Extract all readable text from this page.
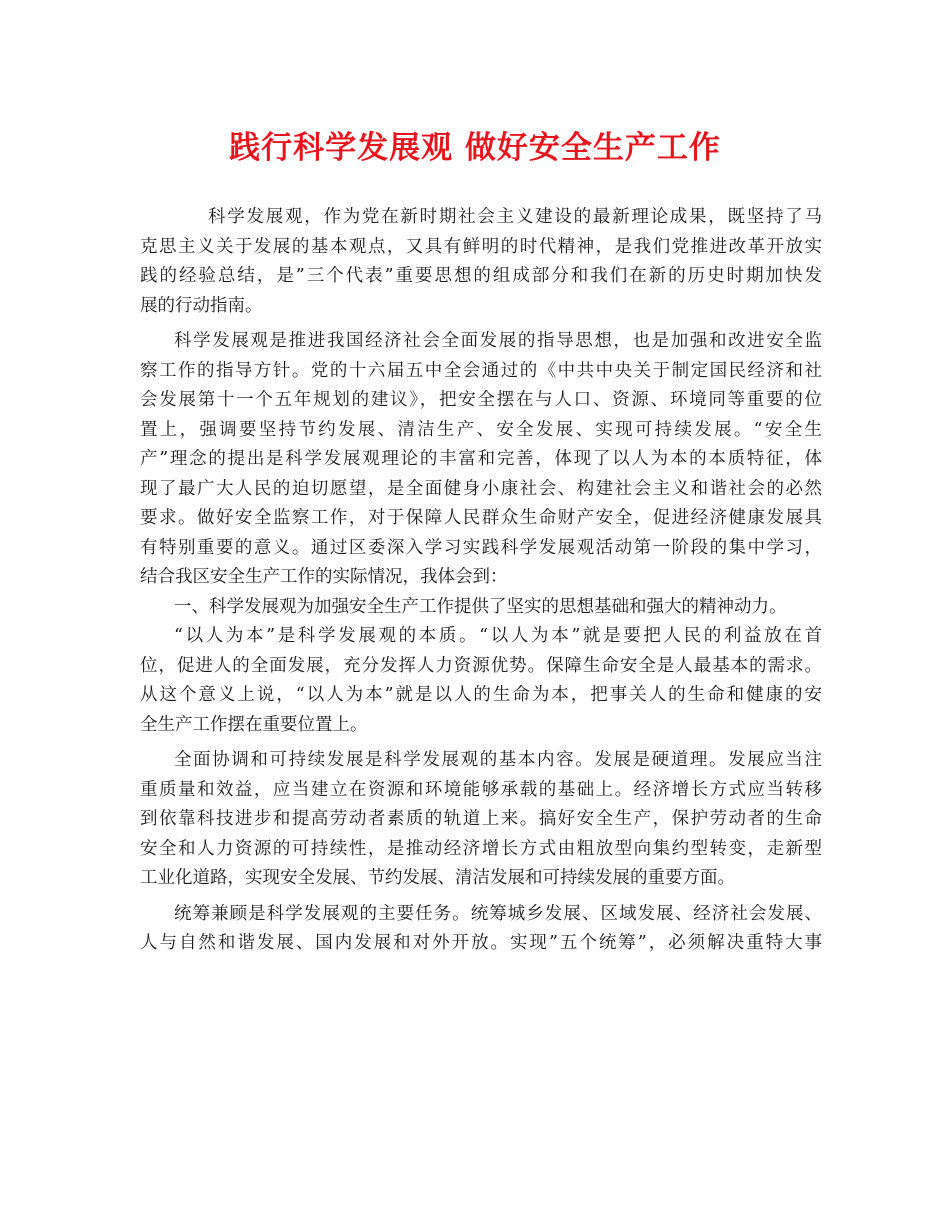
践行科学发展观 做好安全生产工作
科学发展观，作为党在新时期社会主义建设的最新理论成果，既坚持了马
克思主义关于发展的基本观点，又具有鲜明的时代精神，是我们党推进改革开放实
践的经验总结，是”三个代表”重要思想的组成部分和我们在新的历史时期加快发
展的行动指南。
科学发展观是推进我国经济社会全面发展的指导思想，也是加强和改进安全监
察工作的指导方针。党的十六届五中全会通过的《中共中央关于制定国民经济和社
会发展第十一个五年规划的建议》，把安全摆在与人口、资源、环境同等重要的位
置上，强调要坚持节约发展、清洁生产、安全发展、实现可持续发展。“安全生
产”理念的提出是科学发展观理论的丰富和完善，体现了以人为本的本质特征，体
现了最广大人民的迫切愿望，是全面健身小康社会、构建社会主义和谐社会的必然
要求。做好安全监察工作，对于保障人民群众生命财产安全，促进经济健康发展具
有特别重要的意义。通过区委深入学习实践科学发展观活动第一阶段的集中学习，
结合我区安全生产工作的实际情况，我体会到：
一、科学发展观为加强安全生产工作提供了坚实的思想基础和强大的精神动力。
“以人为本”是科学发展观的本质。“以人为本”就是要把人民的利益放在首
位，促进人的全面发展，充分发挥人力资源优势。保障生命安全是人最基本的需求。
从这个意义上说，“以人为本”就是以人的生命为本，把事关人的生命和健康的安
全生产工作摆在重要位置上。
全面协调和可持续发展是科学发展观的基本内容。发展是硬道理。发展应当注
重质量和效益，应当建立在资源和环境能够承载的基础上。经济增长方式应当转移
到依靠科技进步和提高劳动者素质的轨道上来。搞好安全生产，保护劳动者的生命
安全和人力资源的可持续性，是推动经济增长方式由粗放型向集约型转变，走新型
工业化道路，实现安全发展、节约发展、清洁发展和可持续发展的重要方面。
统筹兼顾是科学发展观的主要任务。统筹城乡发展、区域发展、经济社会发展、
人与自然和谐发展、国内发展和对外开放。实现”五个统筹”，必须解决重特大事
